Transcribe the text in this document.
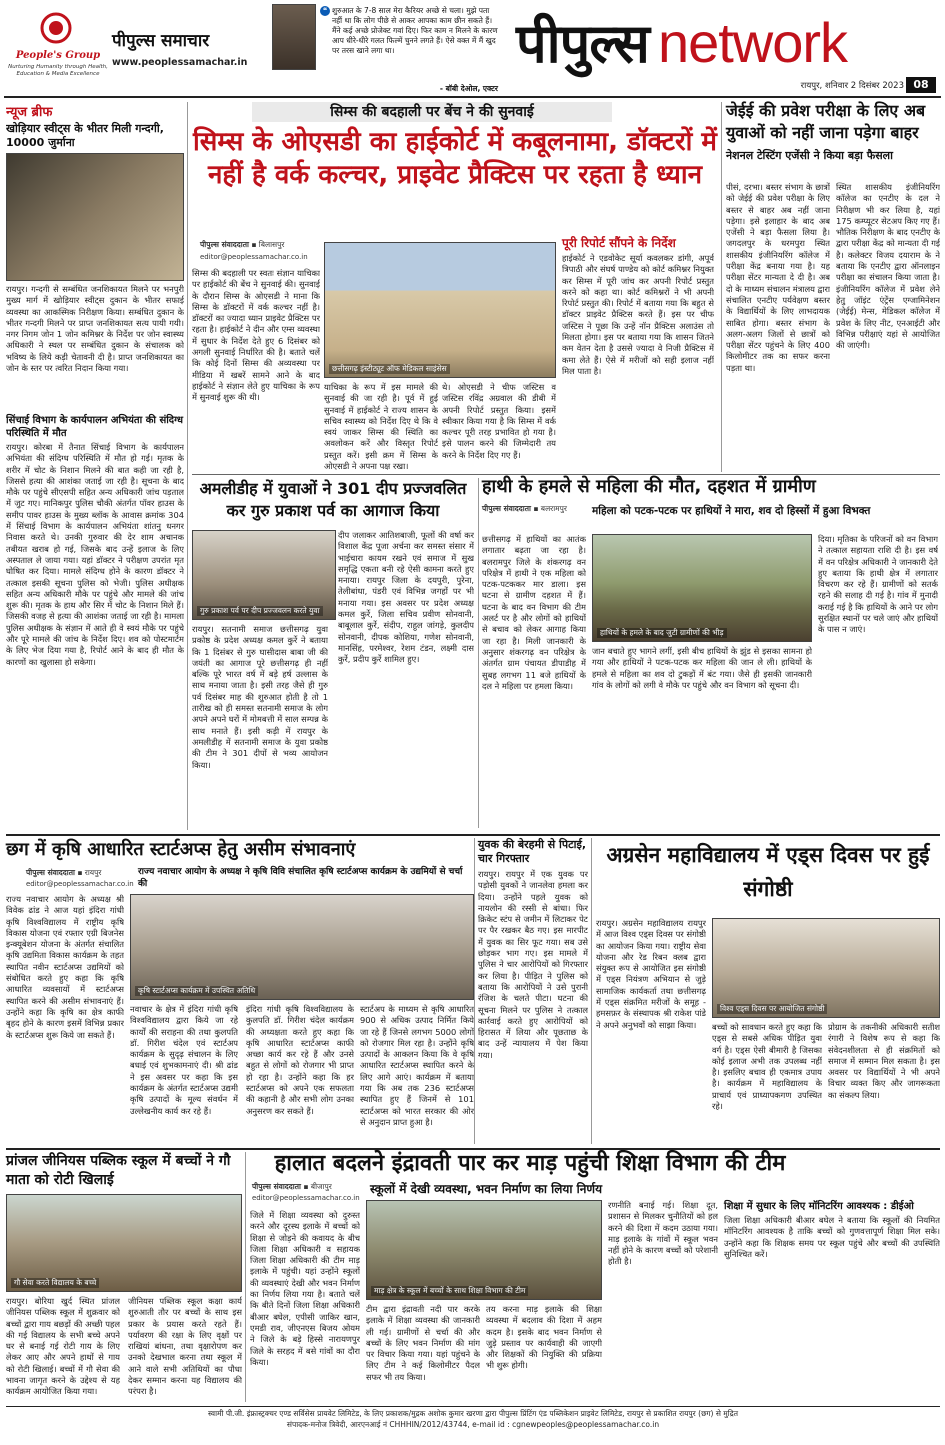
People's Group
Nurturing Humanity through Health, Education & Media Excellence
पीपुल्स समाचार
www.peoplessamachar.in
❝ शुरुआत के 7-8 साल मेरा कैरियर अच्छे से चला। मुझे पता नहीं था कि लोग पीछे से आकर आपका काम छीन सकते हैं। मैंने कई अच्छे प्रोजेक्ट गवां दिए। फिर काम न मिलने के कारण आप धीरे-धीरे गलत फिल्में चुनने लगते हैं। ऐसे वक्त में मैं खुद पर तरस खाने लगा था।
- बॉबी देओल, एक्टर
पीपुल्स network
रायपुर, शनिवार 2 दिसंबर 2023 08
न्यूज ब्रीफ
खोड़ियार स्वीट्स के भीतर मिली गन्दगी, 10000 जुर्माना
रायपुर। गन्दगी से सम्बंधित जनशिकायत मिलने पर भनपुरी मुख्य मार्ग में खोड़ियार स्वीट्स दुकान के भीतर सफाई व्यवस्था का आकस्मिक निरीक्षण किया। सम्बंधित दुकान के भीतर गन्दगी मिलने पर प्राप्त जनशिकायत सत्य पायी गयी। नगर निगम जोन 1 जोन कमिश्नर के निर्देश पर जोन स्वास्थ्य अधिकारी ने स्थल पर सम्बंधित दुकान के संचालक को भविष्य के लिये कड़ी चेतावनी दी है। प्राप्त जनशिकायत का जोन के स्तर पर त्वरित निदान किया गया।
सिंचाई विभाग के कार्यपालन अभियंता की संदिग्ध परिस्थिति में मौत
रायपुर। कोरबा में तैनात सिंचाई विभाग के कार्यपालन अभियंता की संदिग्ध परिस्थिति में मौत हो गई। मृतक के शरीर में चोट के निशान मिलने की बात कही जा रही है, जिससे हत्या की आशंका जताई जा रही है। सूचना के बाद मौके पर पहुंचे सीएसपी सहित अन्य अधिकारी जांच पड़ताल में जुट गए। मानिकपुर पुलिस चौकी अंतर्गत पॉवर हाउस के समीप पावर हाउस के मुख्य ब्लॉक के आवास क्रमांक 304 में सिंचाई विभाग के कार्यपालन अभियंता शांतनु धनगर निवास करते थे। उनकी गुरुवार की देर शाम अचानक तबीयत खराब हो गई, जिसके बाद उन्हें इलाज के लिए अस्पताल ले जाया गया। यहां डॉक्टर ने परीक्षण उपरांत मृत घोषित कर दिया। मामले संदिग्ध होने के कारण डॉक्टर ने तत्काल इसकी सूचना पुलिस को भेजी। पुलिस अधीक्षक सहित अन्य अधिकारी मौके पर पहुंचे और मामले की जांच शुरू की। मृतक के हाथ और सिर में चोट के निशान मिले हैं। जिसकी वजह से हत्या की आशंका जताई जा रही है। मामला पुलिस अधीक्षक के संज्ञान में आते ही वे स्वयं मौके पर पहुंचे और पूरे मामले की जांच के निर्देश दिए। शव को पोस्टमार्टम के लिए भेज दिया गया है, रिपोर्ट आने के बाद ही मौत के कारणों का खुलासा हो सकेगा।
सिम्स की बदहाली पर बेंच ने की सुनवाई
सिम्स के ओएसडी का हाईकोर्ट में कबूलनामा, डॉक्टरों में नहीं है वर्क कल्चर, प्राइवेट प्रैक्टिस पर रहता है ध्यान
पीपुल्स संवाददाता ▪ बिलासपुर
editor@peoplessamachar.co.in
सिम्स की बदहाली पर स्वतः संज्ञान याचिका पर हाईकोर्ट की बेंच ने सुनवाई की। सुनवाई के दौरान सिम्स के ओएसडी ने माना कि सिम्स के डॉक्टरों में वर्क कल्चर नहीं है। डॉक्टरों का ज्यादा ध्यान प्राइवेट प्रैक्टिस पर रहता है। हाईकोर्ट ने दीन और एम्स व्यवस्था में सुधार के निर्देश देते हुए 6 दिसंबर को अगली सुनवाई निर्धारित की है। बताते चलें कि कोई दिनों सिम्स की अव्यवस्था पर मीडिया में खबरें सामने आने के बाद हाईकोर्ट ने संज्ञान लेते हुए याचिका के रूप में सुनवाई शुरू की थी।
छत्तीसगढ़ इंस्टीट्यूट ऑफ मेडिकल साइंसेस
याचिका के रूप में इस मामले की सुनवाई की जा रही है। पूर्व में हुई सुनवाई में हाईकोर्ट ने राज्य शासन के सचिव स्वास्थ्य को निर्देश दिए थे कि वे स्वयं जाकर सिम्स की स्थिति का अवलोकन करें और विस्तृत रिपोर्ट प्रस्तुत करें। इसी क्रम में सिम्स के ओएसडी ने अपना पक्ष रखा।
थे। ओएसडी ने चीफ जस्टिस व जस्टिस रविंद्र अग्रवाल की डीबी में अपनी रिपोर्ट प्रस्तुत किया। इसमें स्वीकार किया गया है कि सिम्स में वर्क कल्चर पूरी तरह प्रभावित हो गया है। इसे पालन करने की जिम्मेदारी तय करने के निर्देश दिए गए हैं।
पूरी रिपोर्ट सौंपने के निर्देश
हाईकोर्ट ने एडवोकेट सूर्या कवलकर डांगी, अपूर्व त्रिपाठी और संघर्ष पाण्डेय को कोर्ट कमिश्नर नियुक्त कर सिम्स में पूरी जांच कर अपनी रिपोर्ट प्रस्तुत करने को कहा था। कोर्ट कमिश्नरों ने भी अपनी रिपोर्ट प्रस्तुत की। रिपोर्ट में बताया गया कि बहुत से डॉक्टर प्राइवेट प्रैक्टिस करते हैं। इस पर चीफ जस्टिस ने पूछा कि उन्हें नॉन प्रैक्टिस अलाउंस तो मिलता होगा। इस पर बताया गया कि शासन जितने कम वेतन देता है उससे ज्यादा वे निजी प्रैक्टिस में कमा लेते हैं। ऐसे में मरीजों को सही इलाज नहीं मिल पाता है।
जेईई की प्रवेश परीक्षा के लिए अब युवाओं को नहीं जाना पड़ेगा बाहर
नेशनल टेस्टिंग एजेंसी ने किया बड़ा फैसला
पीसं, दरभा। बस्तर संभाग के छात्रों को जेईई की प्रवेश परीक्षा के लिए बस्तर से बाहर अब नहीं जाना पड़ेगा। इसे इलाहार के बाद अब एजेंसी ने बड़ा फैसला लिया है। जगदलपुर के धरमपुरा स्थित शासकीय इंजीनियरिंग कॉलेज में परीक्षा केंद्र बनाया गया है। यह परीक्षा सेंटर मान्यता दे दी है। अब दो के माध्यम संचालन मंत्रालय द्वारा संचालित एनटीए पर्यवेक्षण बस्तर के विद्यार्थियों के लिए लाभदायक साबित होगा। बस्तर संभाग के अलग-अलग जिलों से छात्रों को परीक्षा सेंटर पहुंचने के लिए 400 किलोमीटर तक का सफर करना पड़ता था।
स्थित शासकीय इंजीनियरिंग कॉलेज का एनटीए के दल ने निरीक्षण भी कर लिया है, यहां 175 कम्प्यूटर सेटअप किए गए हैं। भौतिक निरीक्षण के बाद एनटीए के द्वारा परीक्षा केंद्र को मान्यता दी गई है। कलेक्टर विजय दयाराम के ने बताया कि एनटीए द्वारा ऑनलाइन परीक्षा का संचालन किया जाता है। इंजीनियरिंग कॉलेज में प्रवेश लेने हेतु जॉइंट एंट्रेंस एग्जामिनेशन (जेईई) मेन्स, मेडिकल कॉलेज में प्रवेश के लिए नीट, एनआईटी और विभिन्न परीक्षाएं यहां से आयोजित की जाएंगी।
अमलीडीह में युवाओं ने 301 दीप प्रज्जवलित कर गुरु प्रकाश पर्व का आगाज किया
गुरु प्रकाश पर्व पर दीप प्रज्जवलन करते युवा
रायपुर। सतनामी समाज छत्तीसगढ़ युवा प्रकोष्ठ के प्रदेश अध्यक्ष कमल कुर्रे ने बताया कि 1 दिसंबर से गुरु घासीदास बाबा जी की जयंती का आगाज पूरे छत्तीसगढ़ ही नहीं बल्कि पूरे भारत वर्ष में बड़े हर्ष उल्लास के साथ मनाया जाता है। इसी तरह जैसे ही गुरु पर्व दिसंबर माह की शुरुआत होती है तो 1 तारीख को ही समस्त सतनामी समाज के लोग अपने अपने घरों में मोमबत्ती में साल सम्पन्न के साथ मनाते हैं। इसी कड़ी में रायपुर के अमलीडीह में सतनामी समाज के युवा प्रकोष्ठ की टीम ने 301 दीपों से भव्य आयोजन किया।
दीप जलाकर आतिशबाजी, फूलों की वर्षा कर विशाल केंद्र पूजा अर्चना कर समस्त संसार में भाईचारा कायम रखने एवं समाज में सुख समृद्धि एकता बनी रहे ऐसी कामना करते हुए मनाया। रायपुर जिला के दयपुरी, पुरेना, तेलीबांधा, पंडरी एवं विभिन्न जगहों पर भी मनाया गया। इस अवसर पर प्रदेश अध्यक्ष कमल कुर्रे, जिला सचिव प्रवीण सोनवानी, बाबूलाल कुर्रे, संदीप, राहुल जांगड़े, कुलदीप सोनवानी, दीपक कोशिया, गणेश सोनवानी, मानसिंह, परमेश्वर, रेशम टंडन, लक्ष्मी दास कुर्रे, प्रदीप कुर्रे शामिल हुए।
हाथी के हमले से महिला की मौत, दहशत में ग्रामीण
पीपुल्स संवाददाता ▪ बलरामपुर महिला को पटक-पटक पर हाथियों ने मारा, शव दो हिस्सों में हुआ विभक्त
छत्तीसगढ़ में हाथियों का आतंक लगातार बढ़ता जा रहा है। बलरामपुर जिले के शंकरगढ़ वन परिक्षेत्र में हाथी ने एक महिला को पटक-पटककर मार डाला। इस घटना से ग्रामीण दहशत में हैं। घटना के बाद वन विभाग की टीम अलर्ट पर है और लोगों को हाथियों से बचाव को लेकर आगाह किया जा रहा है। मिली जानकारी के अनुसार शंकरगढ़ वन परिक्षेत्र के अंतर्गत ग्राम पंचायत डीपाडीह में सुबह लगभग 11 बजे हाथियों के दल ने महिला पर हमला किया।
हाथियों के हमले के बाद जुटी ग्रामीणों की भीड़
जान बचाते हुए भागने लगीं, इसी बीच हाथियों के झुंड से इसका सामना हो गया और हाथियों ने पटक-पटक कर महिला की जान ले ली। हाथियों के हमले से महिला का शव दो टुकड़ों में बंट गया। जैसे ही इसकी जानकारी गांव के लोगों को लगी वे मौके पर पहुंचे और वन विभाग को सूचना दी।
दिया। मृतिका के परिजनों को वन विभाग ने तत्काल सहायता राशि दी है। इस वर्ष में वन परिक्षेत्र अधिकारी ने जानकारी देते हुए बताया कि हाथी क्षेत्र में लगातार विचरण कर रहे हैं। ग्रामीणों को सतर्क रहने की सलाह दी गई है। गांव में मुनादी कराई गई है कि हाथियों के आने पर लोग सुरक्षित स्थानों पर चले जाएं और हाथियों के पास न जाएं।
छग में कृषि आधारित स्टार्टअप्स हेतु असीम संभावनाएं
पीपुल्स संवाददाता ▪ रायपुर
editor@peoplessamachar.co.in
राज्य नवाचार आयोग के अध्यक्ष ने कृषि विवि संचालित कृषि स्टार्टअप्स कार्यक्रम के उद्यमियों से चर्चा की
राज्य नवाचार आयोग के अध्यक्ष श्री विवेक ढांड ने आज यहां इंदिरा गांधी कृषि विश्वविद्यालय में राष्ट्रीय कृषि विकास योजना एवं रफ्तार एग्री बिजनेस इन्क्यूबेशन योजना के अंतर्गत संचालित कृषि उद्यमिता विकास कार्यक्रम के तहत स्थापित नवीन स्टार्टअप्स उद्यमियों को संबोधित करते हुए कहा कि कृषि आधारित व्यवसायों में स्टार्टअप्स स्थापित करने की असीम संभावनाएं हैं। उन्होंने कहा कि कृषि का क्षेत्र काफी बृहद होने के कारण इसमें विभिन्न प्रकार के स्टार्टअप्स शुरू किये जा सकते हैं।
कृषि स्टार्टअप्स कार्यक्रम में उपस्थित अतिथि
नवाचार के क्षेत्र में इंदिरा गांधी कृषि विश्वविद्यालय द्वारा किये जा रहे कार्यों की सराहना की तथा कुलपति डॉ. गिरीश चंदेल एवं स्टार्टअप कार्यक्रम के सुदृढ़ संचालन के लिए बधाई एवं शुभकामनाएं दी। श्री ढांड ने इस अवसर पर कहा कि इस कार्यक्रम के अंतर्गत स्टार्टअप्स उद्यमी कृषि उत्पादों के मूल्य संवर्धन में उल्लेखनीय कार्य कर रहे हैं।
इंदिरा गांधी कृषि विश्वविद्यालय के कुलपति डॉ. गिरीश चंदेल कार्यक्रम की अध्यक्षता करते हुए कहा कि कृषि आधारित स्टार्टअप्स काफी अच्छा कार्य कर रहे हैं और उनसे बहुत से लोगों को रोजगार भी प्राप्त हो रहा है। उन्होंने कहा कि हर स्टार्टअप्स को अपने एक सफलता की कहानी है और सभी लोग उनका अनुसरण कर सकते हैं।
स्टार्टअप के माध्यम से कृषि आधारित 900 से अधिक उत्पाद निर्मित किये जा रहे हैं जिनसे लगभग 5000 लोगों को रोजगार मिल रहा है। उन्होंने कृषि उत्पादों के आकलन किया कि वे कृषि आधारित स्टार्टअप्स स्थापित करने के लिए आगे आएं। कार्यक्रम में बताया गया कि अब तक 236 स्टार्टअप्स स्थापित हुए हैं जिनमें से 101 स्टार्टअप्स को भारत सरकार की ओर से अनुदान प्राप्त हुआ है।
युवक की बेरहमी से पिटाई, चार गिरफ्तार
रायपुर। रायपुर में एक युवक पर पड़ोसी युवकों ने जानलेवा हमला कर दिया। उन्होंने पहले युवक को नायलोन की रस्सी से बांधा। फिर क्रिकेट स्टंप से जमीन में लिटाकर पेट पर पैर रखकर बैठ गए। इस मारपीट में युवक का सिर फूट गया। सब उसे छोड़कर भाग गए। इस मामले में पुलिस ने चार आरोपियों को गिरफ्तार कर लिया है। पीड़ित ने पुलिस को बताया कि आरोपियों ने उसे पुरानी रंजिश के चलते पीटा। घटना की सूचना मिलने पर पुलिस ने तत्काल कार्रवाई करते हुए आरोपियों को हिरासत में लिया और पूछताछ के बाद उन्हें न्यायालय में पेश किया गया।
अग्रसेन महाविद्यालय में एड्स दिवस पर हुई संगोष्ठी
रायपुर। अग्रसेन महाविद्यालय रायपुर में आज विश्व एड्स दिवस पर संगोष्ठी का आयोजन किया गया। राष्ट्रीय सेवा योजना और रेड रिबन क्लब द्वारा संयुक्त रूप से आयोजित इस संगोष्ठी में एड्स नियंत्रण अभियान से जुड़े सामाजिक कार्यकर्ता तथा छत्तीसगढ़ में एड्स संक्रमित मरीजों के समूह - हमसफ़र के संस्थापक श्री राकेश पांडे ने अपने अनुभवों को साझा किया।
विश्व एड्स दिवस पर आयोजित संगोष्ठी
बच्चों को सावधान करते हुए कहा कि एड्स से सबसे अधिक पीड़ित युवा वर्ग है। एड्स ऐसी बीमारी है जिसका कोई इलाज अभी तक उपलब्ध नहीं है। इसलिए बचाव ही एकमात्र उपाय है। कार्यक्रम में महाविद्यालय के प्राचार्य एवं प्राध्यापकगण उपस्थित रहे।
प्रोग्राम के तकनीकी अधिकारी सतीश रंगारी ने विशेष रूप से कहा कि संवेदनशीलता से ही संक्रमितों को समाज में सम्मान मिल सकता है। इस अवसर पर विद्यार्थियों ने भी अपने विचार व्यक्त किए और जागरूकता का संकल्प लिया।
प्रांजल जीनियस पब्लिक स्कूल में बच्चों ने गौ माता को रोटी खिलाई
गौ सेवा करते विद्यालय के बच्चे
रायपुर। बोरिया खुर्द स्थित प्रांजल जीनियस पब्लिक स्कूल में शुक्रवार को बच्चों द्वारा गाय बछड़ों की अच्छी पहल की गई विद्यालय के सभी बच्चे अपने घर से बनाई गई रोटी गाय के लिए लेकर आए और अपने हाथों से गाय को रोटी खिलाई। बच्चों में गौ सेवा की भावना जागृत करने के उद्देश्य से यह कार्यक्रम आयोजित किया गया।
जीनियस पब्लिक स्कूल कक्षा कार्य शुरुआती तौर पर बच्चों के साथ इस प्रकार के प्रयास करते रहते हैं। पर्यावरण की रक्षा के लिए वृक्षों पर राखियां बांधना, तथा वृक्षारोपण कर उनको देखभाल करना तथा स्कूल में आने वाले सभी अतिथियों का पौधा देकर सम्मान करना यह विद्यालय की परंपरा है।
हालात बदलने इंद्रावती पार कर माड़ पहुंची शिक्षा विभाग की टीम
पीपुल्स संवाददाता ▪ बीजापुर
editor@peoplessamachar.co.in
स्कूलों में देखी व्यवस्था, भवन निर्माण का लिया निर्णय
जिले में शिक्षा व्यवस्था को दुरुस्त करने और दूरस्थ इलाके में बच्चों को शिक्षा से जोड़ने की कवायद के बीच जिला शिक्षा अधिकारी व सहायक जिला शिक्षा अधिकारी की टीम माड़ इलाके में पहुंची। यहां उन्होंने स्कूलों की व्यवस्थाएं देखी और भवन निर्माण का निर्णय लिया गया है। बताते चलें कि बीते दिनों जिला शिक्षा अधिकारी बीआर बघेल, एपीसी जाकिर खान, एमडी राव, जीएनएस बिजय ओयम ने जिले के बड़े हिस्से नारायणपुर जिले के सरहद में बसे गांवों का दौरा किया।
माड़ क्षेत्र के स्कूल में बच्चों के साथ शिक्षा विभाग की टीम
टीम द्वारा इंद्रावती नदी पार करके इलाके में शिक्षा व्यवस्था की जानकारी ली गई। ग्रामीणों से चर्चा की और बच्चों के लिए भवन निर्माण की मांग पर विचार किया गया। यहां पहुंचने के लिए टीम ने कई किलोमीटर पैदल सफर भी तय किया।
तय करना माड़ इलाके की शिक्षा व्यवस्था में बदलाव की दिशा में अहम कदम है। इसके बाद भवन निर्माण से जुड़े प्रस्ताव पर कार्यवाही की जाएगी और शिक्षकों की नियुक्ति की प्रक्रिया भी शुरू होगी।
रणनीति बनाई गई। शिक्षा दूत, प्रशासन से मिलकर चुनौतियों को हल करने की दिशा में कदम उठाया गया। माड़ इलाके के गांवों में स्कूल भवन नहीं होने के कारण बच्चों को परेशानी होती है।
शिक्षा में सुधार के लिए मॉनिटरिंग आवश्यक : डीईओ
जिला शिक्षा अधिकारी बीआर बघेल ने बताया कि स्कूलों की नियमित मॉनिटरिंग आवश्यक है ताकि बच्चों को गुणवत्तापूर्ण शिक्षा मिल सके। उन्होंने कहा कि शिक्षक समय पर स्कूल पहुंचे और बच्चों की उपस्थिति सुनिश्चित करें।
स्वामी पी.जी. इंफ्रास्ट्रक्चर एण्ड सर्विसेस प्रायवेट लिमिटेड, के लिए प्रकाशक/मुद्रक अशोक कुमार खरणा द्वारा पीपुल्स प्रिंटिंग एंड पब्लिकेशन प्राइवेट लिमिटेड, रायपुर से प्रकाशित रायपुर (छग) से मुद्रित
संपादक-मनोज त्रिवेदी, आरएनआई नं CHHHIN/2012/43744, e-mail id : cgnewpeoples@peoplessamachar.co.in
